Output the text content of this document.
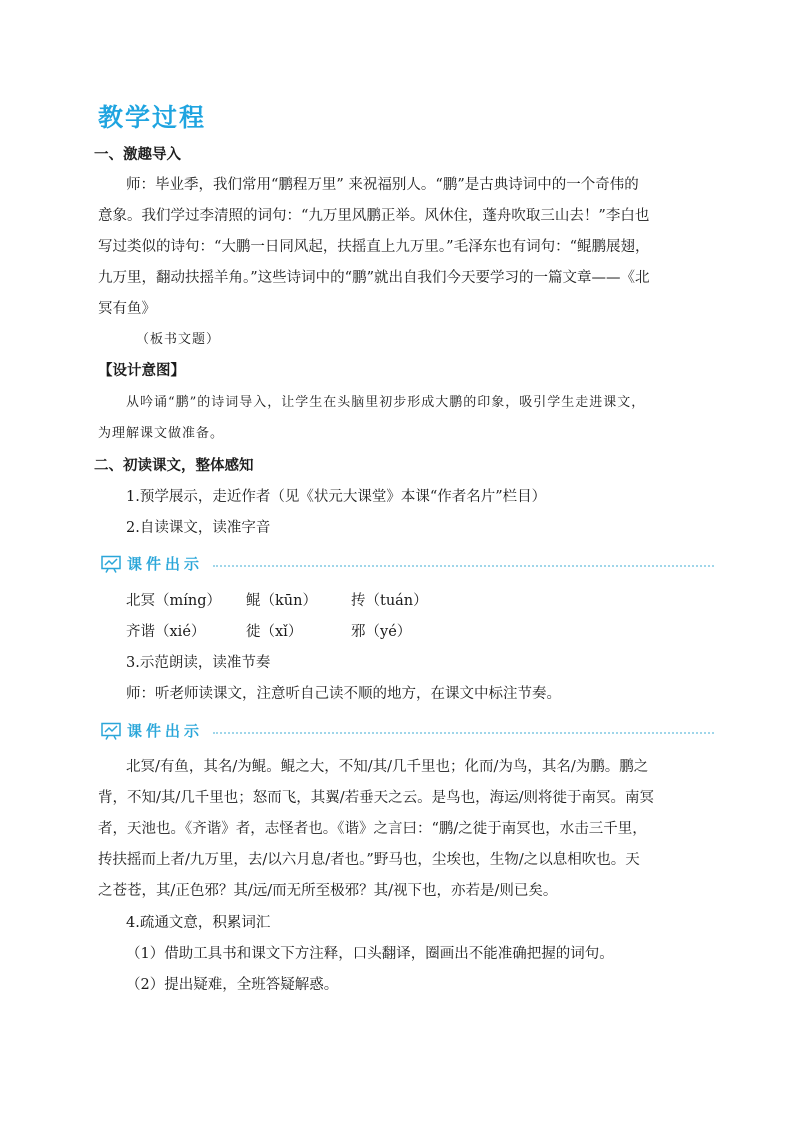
教学过程
一、激趣导入
师：毕业季，我们常用“鹏程万里” 来祝福别人。“鹏”是古典诗词中的一个奇伟的
意象。我们学过李清照的词句：“九万里风鹏正举。风休住，蓬舟吹取三山去！”李白也
写过类似的诗句：“大鹏一日同风起，扶摇直上九万里。”毛泽东也有词句：“鲲鹏展翅，
九万里，翻动扶摇羊角。”这些诗词中的“鹏”就出自我们今天要学习的一篇文章——《北
冥有鱼》
（板书文题）
【设计意图】
从吟诵“鹏”的诗词导入，让学生在头脑里初步形成大鹏的印象，吸引学生走进课文，
为理解课文做准备。
二、初读课文，整体感知
1.预学展示，走近作者（见《状元大课堂》本课“作者名片”栏目）
2.自读课文，读准字音
课件出示
北冥（míng） 鲲（kūn） 抟（tuán）
齐谐（xié）	徙（xǐ）	邪（yé）
3.示范朗读，读准节奏
师：听老师读课文，注意听自己读不顺的地方，在课文中标注节奏。
课件出示
北冥/有鱼，其名/为鲲。鲲之大，不知/其/几千里也；化而/为鸟，其名/为鹏。鹏之
背，不知/其/几千里也；怒而飞，其翼/若垂天之云。是鸟也，海运/则将徙于南冥。南冥
者，天池也。《齐谐》者，志怪者也。《谐》之言曰：“鹏/之徙于南冥也，水击三千里，
抟扶摇而上者/九万里，去/以六月息/者也。”野马也，尘埃也，生物/之以息相吹也。天
之苍苍，其/正色邪？其/远/而无所至极邪？其/视下也，亦若是/则已矣。
4.疏通文意，积累词汇
（1）借助工具书和课文下方注释，口头翻译，圈画出不能准确把握的词句。
（2）提出疑难，全班答疑解惑。
